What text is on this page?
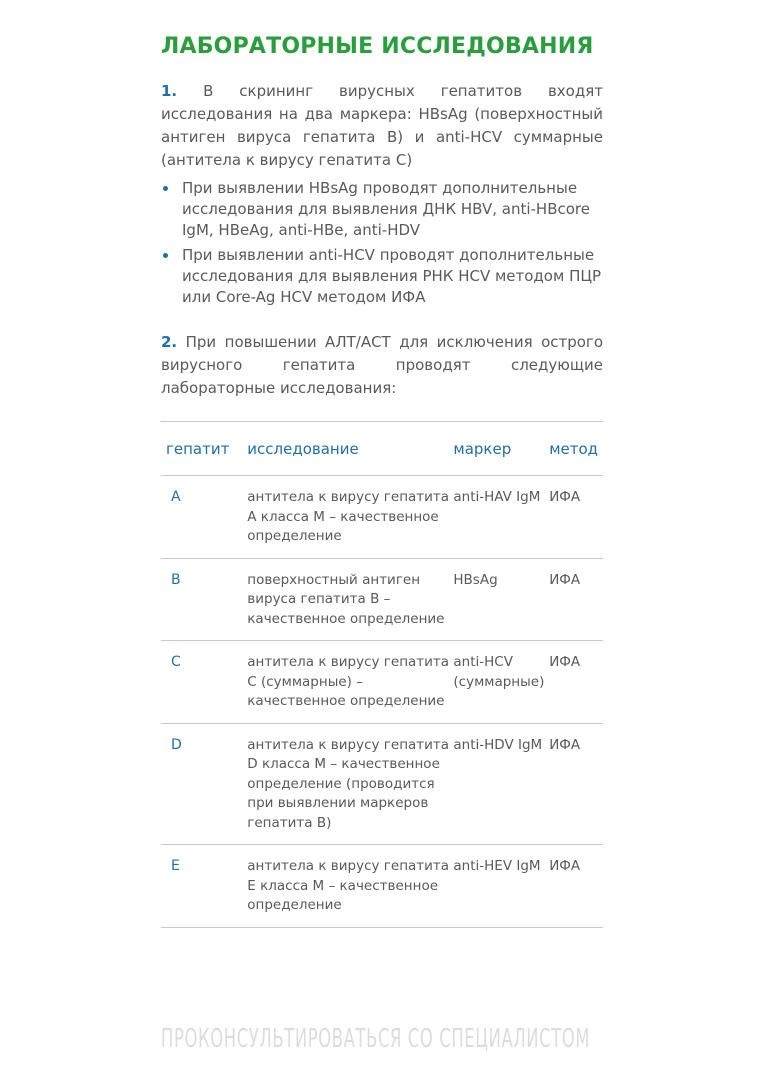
ЛАБОРАТОРНЫЕ ИССЛЕДОВАНИЯ

1. В скрининг вирусных гепатитов входят исследования на два маркера: HBsAg (поверхностный антиген вируса гепатита В) и anti-HCV суммарные (антитела к вирусу гепатита С)

При выявлении HBsAg проводят дополнительные исследования для выявления ДНК HBV, anti-HBcore IgM, HBeAg, anti-HBe, anti-HDV
При выявлении anti-HCV проводят дополнительные исследования для выявления РНК HCV методом ПЦР или Core-Ag HCV методом ИФА

2. При повышении АЛТ/АСТ для исключения острого вирусного гепатита проводят следующие лабораторные исследования:

гепатит	исследование	маркер	метод
A	антитела к вирусу гепатита А класса М – качественное определение	anti-HAV IgM	ИФА
B	поверхностный антиген вируса гепатита В – качественное определение	HBsAg	ИФА
C	антитела к вирусу гепатита С (суммарные) – качественное определение	anti-HCV (суммарные)	ИФА
D	антитела к вирусу гепатита D класса М – качественное определение (проводится при выявлении маркеров гепатита В)	anti-HDV IgM	ИФА
E	антитела к вирусу гепатита Е класса М – качественное определение	anti-HEV IgM	ИФА
ПРОКОНСУЛЬТИРОВАТЬСЯ СО СПЕЦИАЛИСТОМ
